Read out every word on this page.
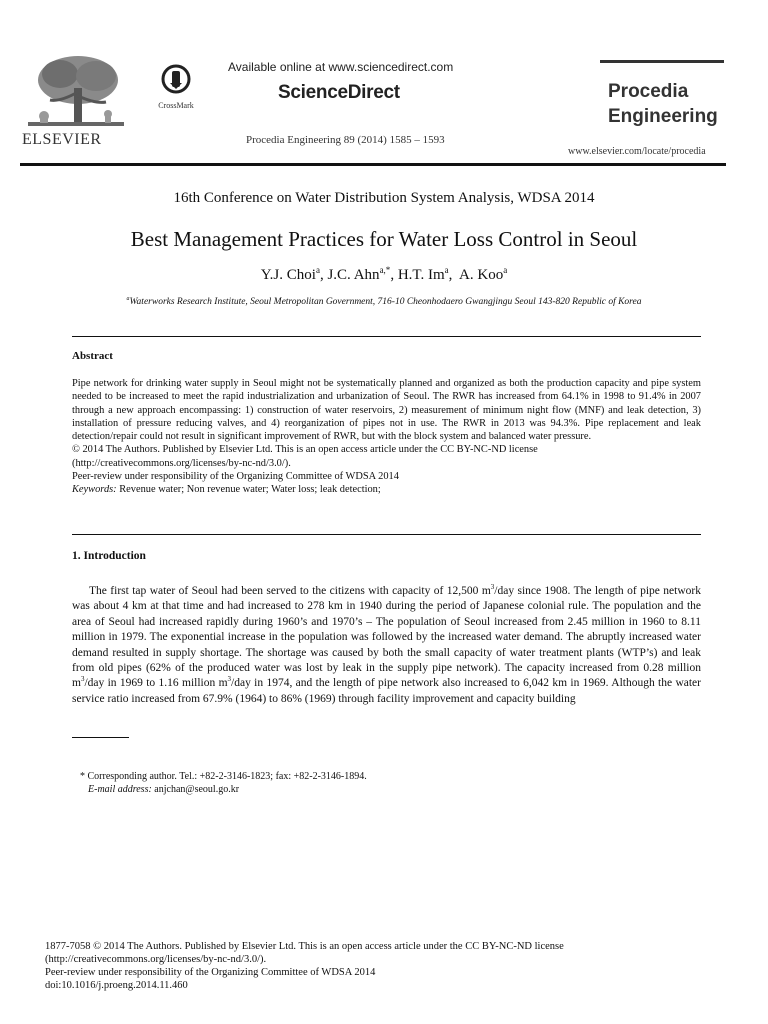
ELSEVIER
CrossMark
Available online at www.sciencedirect.com
ScienceDirect
Procedia Engineering 89 (2014) 1585 – 1593
Procedia
Engineering
www.elsevier.com/locate/procedia
16th Conference on Water Distribution System Analysis, WDSA 2014
Best Management Practices for Water Loss Control in Seoul
Y.J. Choi$^a$, J.C. Ahn$^{a,*}$, H.T. Im$^a$,  A. Koo$^a$
$^a$Waterworks Research Institute, Seoul Metropolitan Government, 716-10 Cheonhodaero Gwangjingu Seoul 143-820 Republic of Korea
Abstract

Pipe network for drinking water supply in Seoul might not be systematically planned and organized as both the production capacity and pipe system needed to be increased to meet the rapid industrialization and urbanization of Seoul. The RWR has increased from 64.1% in 1998 to 91.4% in 2007 through a new approach encompassing: 1) construction of water reservoirs, 2) measurement of minimum night flow (MNF) and leak detection, 3) installation of pressure reducing valves, and 4) reorganization of pipes not in use. The RWR in 2013 was 94.3%. Pipe replacement and leak detection/repair could not result in significant improvement of RWR, but with the block system and balanced water pressure.

© 2014 The Authors. Published by Elsevier Ltd. This is an open access article under the CC BY-NC-ND license

(http://creativecommons.org/licenses/by-nc-nd/3.0/).

Peer-review under responsibility of the Organizing Committee of WDSA 2014

Keywords: Revenue water; Non revenue water; Water loss; leak detection;

1. Introduction

The first tap water of Seoul had been served to the citizens with capacity of 12,500 $m^3$/day since 1908. The length of pipe network was about 4 km at that time and had increased to 278 km in 1940 during the period of Japanese colonial rule. The population and the area of Seoul had increased rapidly during 1960’s and 1970’s – The population of Seoul increased from 2.45 million in 1960 to 8.11 million in 1979. The exponential increase in the population was followed by the increased water demand. The abruptly increased water demand resulted in supply shortage. The shortage was caused by both the small capacity of water treatment plants (WTP’s) and leak from old pipes (62% of the produced water was lost by leak in the supply pipe network). The capacity increased from 0.28 million $m^3$/day in 1969 to 1.16 million $m^3$/day in 1974, and the length of pipe network also increased to 6,042 km in 1969. Although the water service ratio increased from 67.9% (1964) to 86% (1969) through facility improvement and capacity building

* Corresponding author. Tel.: +82-2-3146-1823; fax: +82-2-3146-1894.

E-mail address: anjchan@seoul.go.kr

1877-7058 © 2014 The Authors. Published by Elsevier Ltd. This is an open access article under the CC BY-NC-ND license

(http://creativecommons.org/licenses/by-nc-nd/3.0/).

Peer-review under responsibility of the Organizing Committee of WDSA 2014

doi:10.1016/j.proeng.2014.11.460
